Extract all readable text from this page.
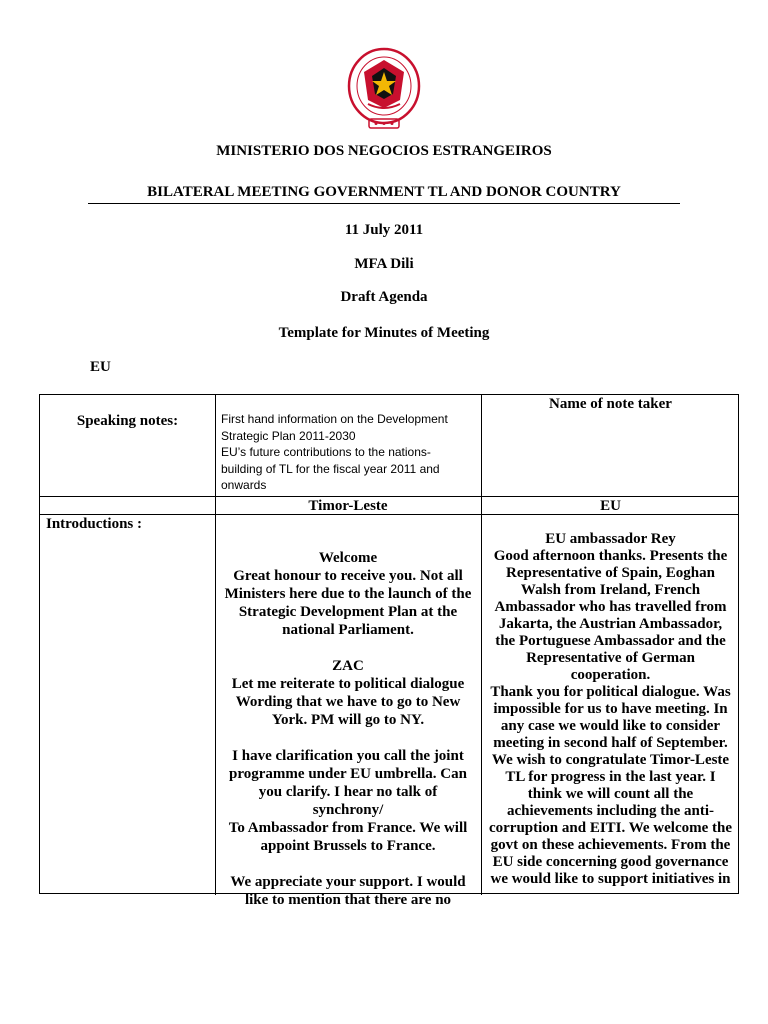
MINISTERIO DOS NEGOCIOS ESTRANGEIROS
BILATERAL MEETING GOVERNMENT TL AND DONOR COUNTRY
11 July 2011
MFA Dili
Draft Agenda
Template for Minutes of Meeting
EU
Speaking notes:	First hand information on the Development
Strategic Plan 2011-2030
EU’s future contributions to the nations-
building of TL for the fiscal year 2011 and
onwards
Name of note taker
Timor-Leste	EU
Introductions :

Welcome
Great honour to receive you. Not all
Ministers here due to the launch of the
Strategic Development Plan at the
national Parliament.

ZAC
Let me reiterate to political dialogue
Wording that we have to go to New
York. PM will go to NY.

I have clarification you call the joint
programme under EU umbrella. Can
you clarify. I hear no talk of
synchrony/
To Ambassador from France. We will
appoint Brussels to France.

We appreciate your support. I would
like to mention that there are no

EU ambassador Rey
Good afternoon thanks. Presents the
Representative of Spain, Eoghan
Walsh from Ireland, French
Ambassador who has travelled from
Jakarta, the Austrian Ambassador,
the Portuguese Ambassador and the
Representative of German
cooperation.
Thank you for political dialogue. Was
impossible for us to have meeting. In
any case we would like to consider
meeting in second half of September.
We wish to congratulate Timor-Leste
TL for progress in the last year. I
think we will count all the
achievements including the anti-
corruption and EITI. We welcome the
govt on these achievements. From the
EU side concerning good governance
we would like to support initiatives in
